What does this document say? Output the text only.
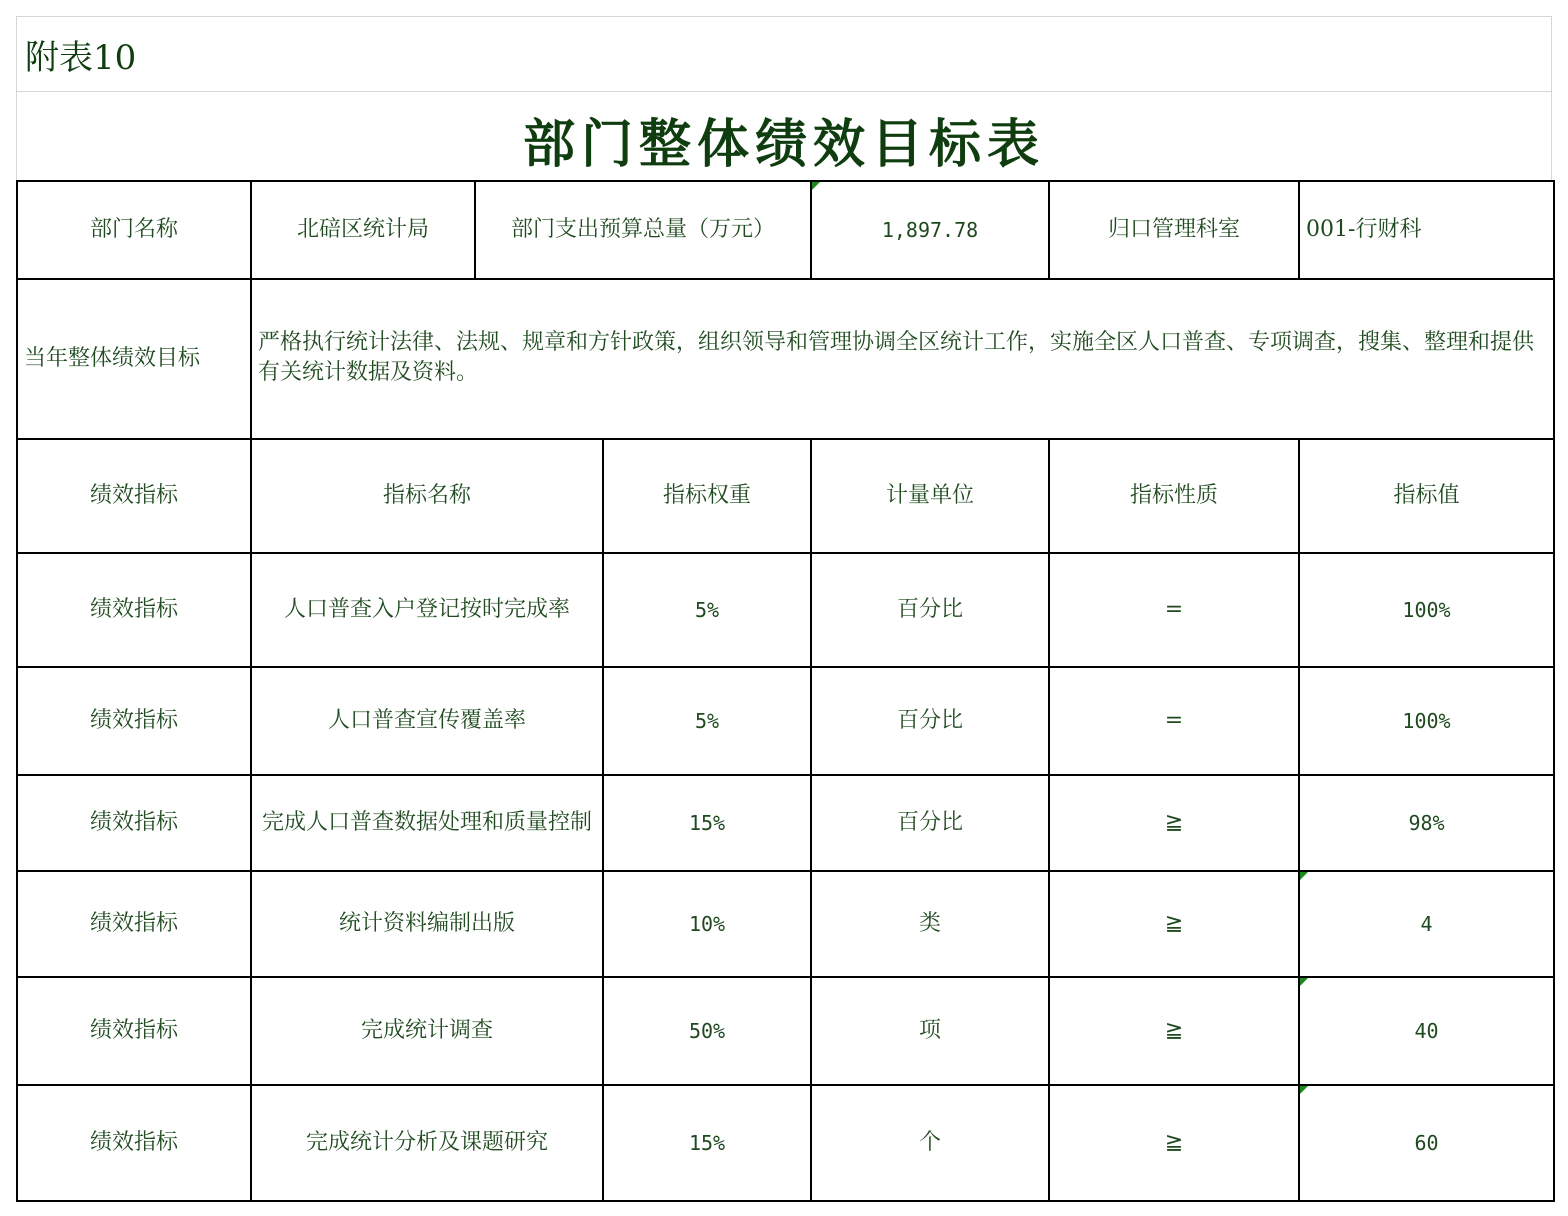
附表10
部门整体绩效目标表
部门名称	北碚区统计局	部门支出预算总量（万元）		1,897.78	归口管理科室	001-行财科
当年整体绩效目标	严格执行统计法律、法规、规章和方针政策，组织领导和管理协调全区统计工作，实施全区人口普查、专项调查，搜集、整理和提供有关统计数据及资料。					
绩效指标	指标名称		指标权重	计量单位	指标性质	指标值
绩效指标	人口普查入户登记按时完成率		5%	百分比	=	100%
绩效指标	人口普查宣传覆盖率		5%	百分比	=	100%
绩效指标	完成人口普查数据处理和质量控制		15%	百分比	≧	98%
绩效指标	统计资料编制出版		10%	类	≧	4
绩效指标	完成统计调查		50%	项	≧	40
绩效指标	完成统计分析及课题研究		15%	个	≧	60
